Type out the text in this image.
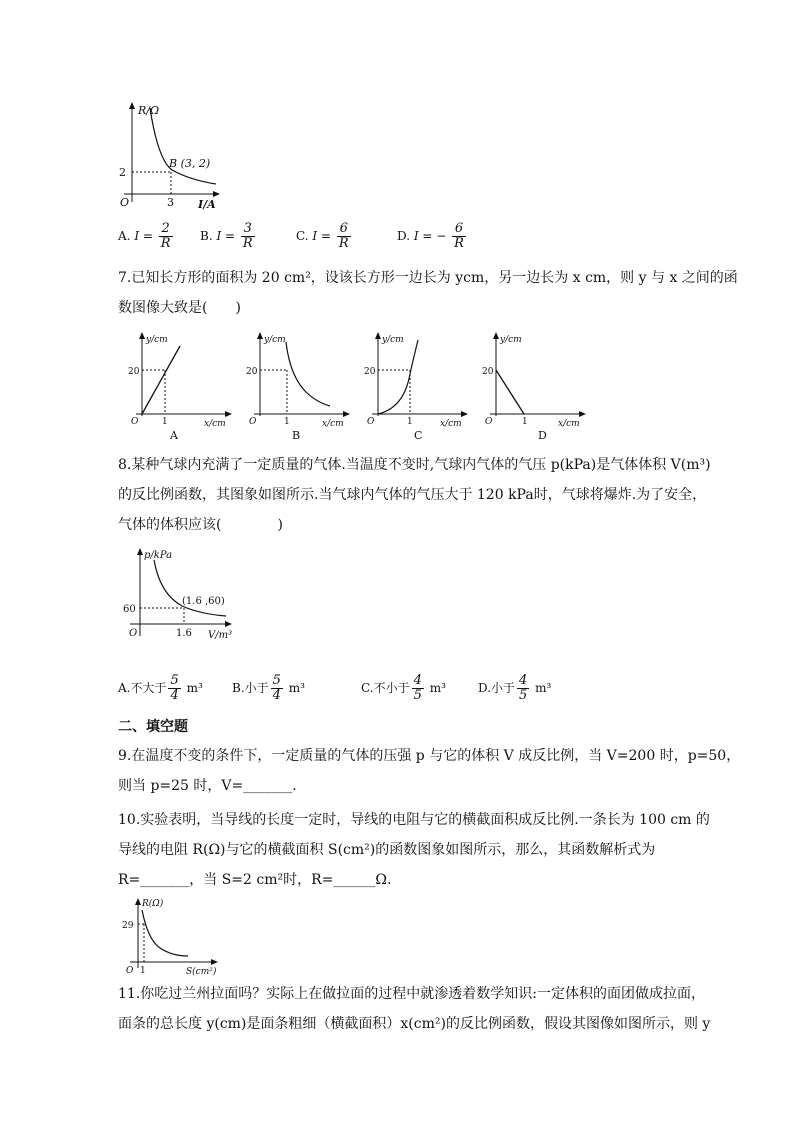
R/Ω
B (3, 2)
2
3
O	I/A
A. $I = \frac{2}{R} B$. $I = \frac{3}{R}$	C. $I = \frac{6}{R}$	D. I = − $\frac{6}{R}$
7.已知长方形的面积为 20 cm²，设该长方形一边长为 ycm，另一边长为 x cm，则 y 与 x 之间的函
数图像大致是(　　)
y/cm
20
O	1	x/cm
A
y/cm
20
O	1	x/cm
B
y/cm
20
O	1	x/cm
C
y/cm
20
O	1	x/cm
D
8.某种气球内充满了一定质量的气体.当温度不变时,气球内气体的气压 p(kPa)是气体体积 V(m³)
的反比例函数，其图象如图所示.当气球内气体的气压大于 120 kPa时，气球将爆炸.为了安全，
气体的体积应该(　　　　)
p/kPa
(1.6 ,60)
60
O	1.6 V/m³
A.不大于 $\frac{5}{4} m^3$ B.小于 $\frac{5}{4} m^3$	C.不小于 $\frac{4}{5} m^3$	D.小于 $\frac{4}{5} m^3$
二、填空题
9.在温度不变的条件下，一定质量的气体的压强 p 与它的体积 V 成反比例，当 V=200 时，p=50，
则当 p=25 时，V=_______.
10.实验表明，当导线的长度一定时，导线的电阻与它的横截面积成反比例.一条长为 100 cm 的
导线的电阻 R(Ω)与它的横截面积 S(cm²)的函数图象如图所示，那么，其函数解析式为
R=_______，当 S=2 cm²时，R=______Ω.
R(Ω)
29
O 1	S(cm²)
11.你吃过兰州拉面吗？实际上在做拉面的过程中就渗透着数学知识:一定体积的面团做成拉面，
面条的总长度 y(cm)是面条粗细（横截面积）x(cm²)的反比例函数，假设其图像如图所示，则 y
